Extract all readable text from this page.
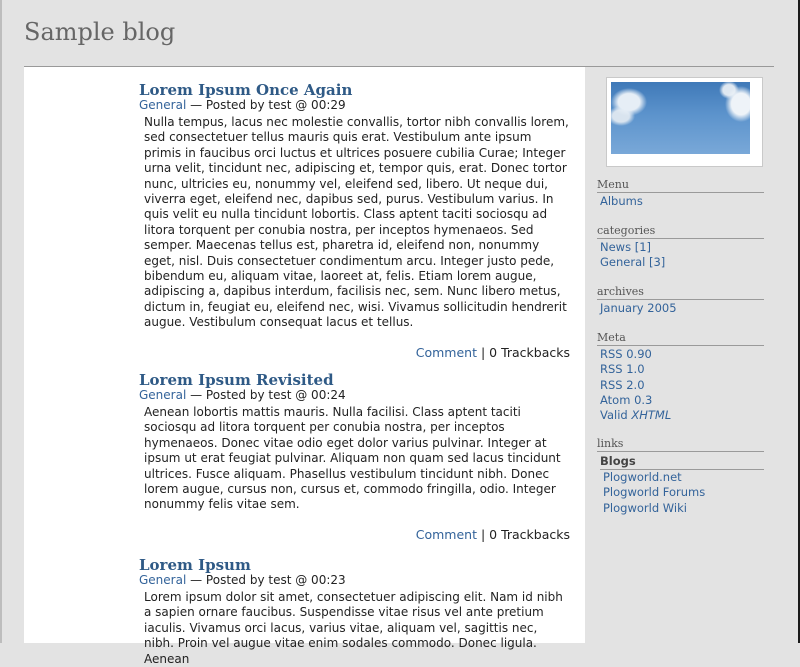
Sample blog
Lorem Ipsum Once Again
General — Posted by test @ 00:29
Nulla tempus, lacus nec molestie convallis, tortor nibh convallis lorem, sed consectetuer tellus mauris quis erat. Vestibulum ante ipsum primis in faucibus orci luctus et ultrices posuere cubilia Curae; Integer urna velit, tincidunt nec, adipiscing et, tempor quis, erat. Donec tortor nunc, ultricies eu, nonummy vel, eleifend sed, libero. Ut neque dui, viverra eget, eleifend nec, dapibus sed, purus. Vestibulum varius. In quis velit eu nulla tincidunt lobortis. Class aptent taciti sociosqu ad litora torquent per conubia nostra, per inceptos hymenaeos. Sed semper. Maecenas tellus est, pharetra id, eleifend non, nonummy eget, nisl. Duis consectetuer condimentum arcu. Integer justo pede, bibendum eu, aliquam vitae, laoreet at, felis. Etiam lorem augue, adipiscing a, dapibus interdum, facilisis nec, sem. Nunc libero metus, dictum in, feugiat eu, eleifend nec, wisi. Vivamus sollicitudin hendrerit augue. Vestibulum consequat lacus et tellus.
Comment | 0 Trackbacks
Lorem Ipsum Revisited
General — Posted by test @ 00:24
Aenean lobortis mattis mauris. Nulla facilisi. Class aptent taciti sociosqu ad litora torquent per conubia nostra, per inceptos hymenaeos. Donec vitae odio eget dolor varius pulvinar. Integer at ipsum ut erat feugiat pulvinar. Aliquam non quam sed lacus tincidunt ultrices. Fusce aliquam. Phasellus vestibulum tincidunt nibh. Donec lorem augue, cursus non, cursus et, commodo fringilla, odio. Integer nonummy felis vitae sem.
Comment | 0 Trackbacks
Lorem Ipsum
General — Posted by test @ 00:23
Lorem ipsum dolor sit amet, consectetuer adipiscing elit. Nam id nibh a sapien ornare faucibus. Suspendisse vitae risus vel ante pretium iaculis. Vivamus orci lacus, varius vitae, aliquam vel, sagittis nec, nibh. Proin vel augue vitae enim sodales commodo. Donec ligula. Aenean
Menu
Albums
categories
News [1]
General [3]
archives
January 2005
Meta
RSS 0.90
RSS 1.0
RSS 2.0
Atom 0.3
Valid XHTML
links
Blogs
Plogworld.net
Plogworld Forums
Plogworld Wiki
